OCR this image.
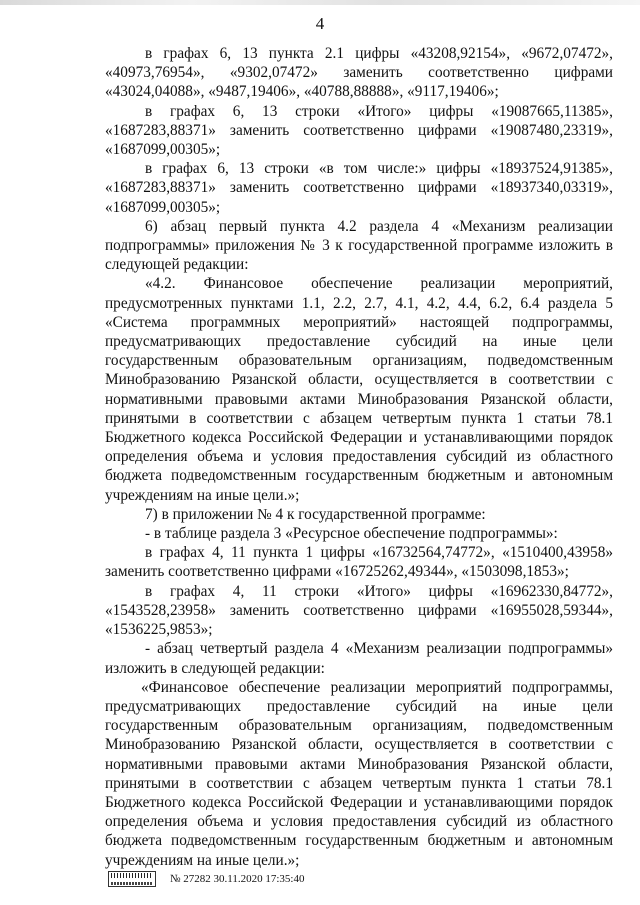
4

в графах 6, 13 пункта 2.1 цифры «43208,92154», «9672,07472», «40973,76954», «9302,07472» заменить соответственно цифрами «43024,04088», «9487,19406», «40788,88888», «9117,19406»;

в графах 6, 13 строки «Итого» цифры «19087665,11385», «1687283,88371» заменить соответственно цифрами «19087480,23319», «1687099,00305»;

в графах 6, 13 строки «в том числе:» цифры «18937524,91385», «1687283,88371» заменить соответственно цифрами «18937340,03319», «1687099,00305»;

6) абзац первый пункта 4.2 раздела 4 «Механизм реализации подпрограммы» приложения № 3 к государственной программе изложить в следующей редакции:

«4.2. Финансовое обеспечение реализации мероприятий, предусмотренных пунктами 1.1, 2.2, 2.7, 4.1, 4.2, 4.4, 6.2, 6.4 раздела 5 «Система программных мероприятий» настоящей подпрограммы, предусматривающих предоставление субсидий на иные цели государственным образовательным организациям, подведомственным Минобразованию Рязанской области, осуществляется в соответствии с нормативными правовыми актами Минобразования Рязанской области, принятыми в соответствии с абзацем четвертым пункта 1 статьи 78.1 Бюджетного кодекса Российской Федерации и устанавливающими порядок определения объема и условия предоставления субсидий из областного бюджета подведомственным государственным бюджетным и автономным учреждениям на иные цели.»;

7) в приложении № 4 к государственной программе:

- в таблице раздела 3 «Ресурсное обеспечение подпрограммы»:

в графах 4, 11 пункта 1 цифры «16732564,74772», «1510400,43958» заменить соответственно цифрами «16725262,49344», «1503098,1853»;

в графах 4, 11 строки «Итого» цифры «16962330,84772», «1543528,23958» заменить соответственно цифрами «16955028,59344», «1536225,9853»;

- абзац четвертый раздела 4 «Механизм реализации подпрограммы» изложить в следующей редакции:

«Финансовое обеспечение реализации мероприятий подпрограммы, предусматривающих предоставление субсидий на иные цели государственным образовательным организациям, подведомственным Минобразованию Рязанской области, осуществляется в соответствии с нормативными правовыми актами Минобразования Рязанской области, принятыми в соответствии с абзацем четвертым пункта 1 статьи 78.1 Бюджетного кодекса Российской Федерации и устанавливающими порядок определения объема и условия предоставления субсидий из областного бюджета подведомственным государственным бюджетным и автономным учреждениям на иные цели.»;

№ 27282 30.11.2020 17:35:40
